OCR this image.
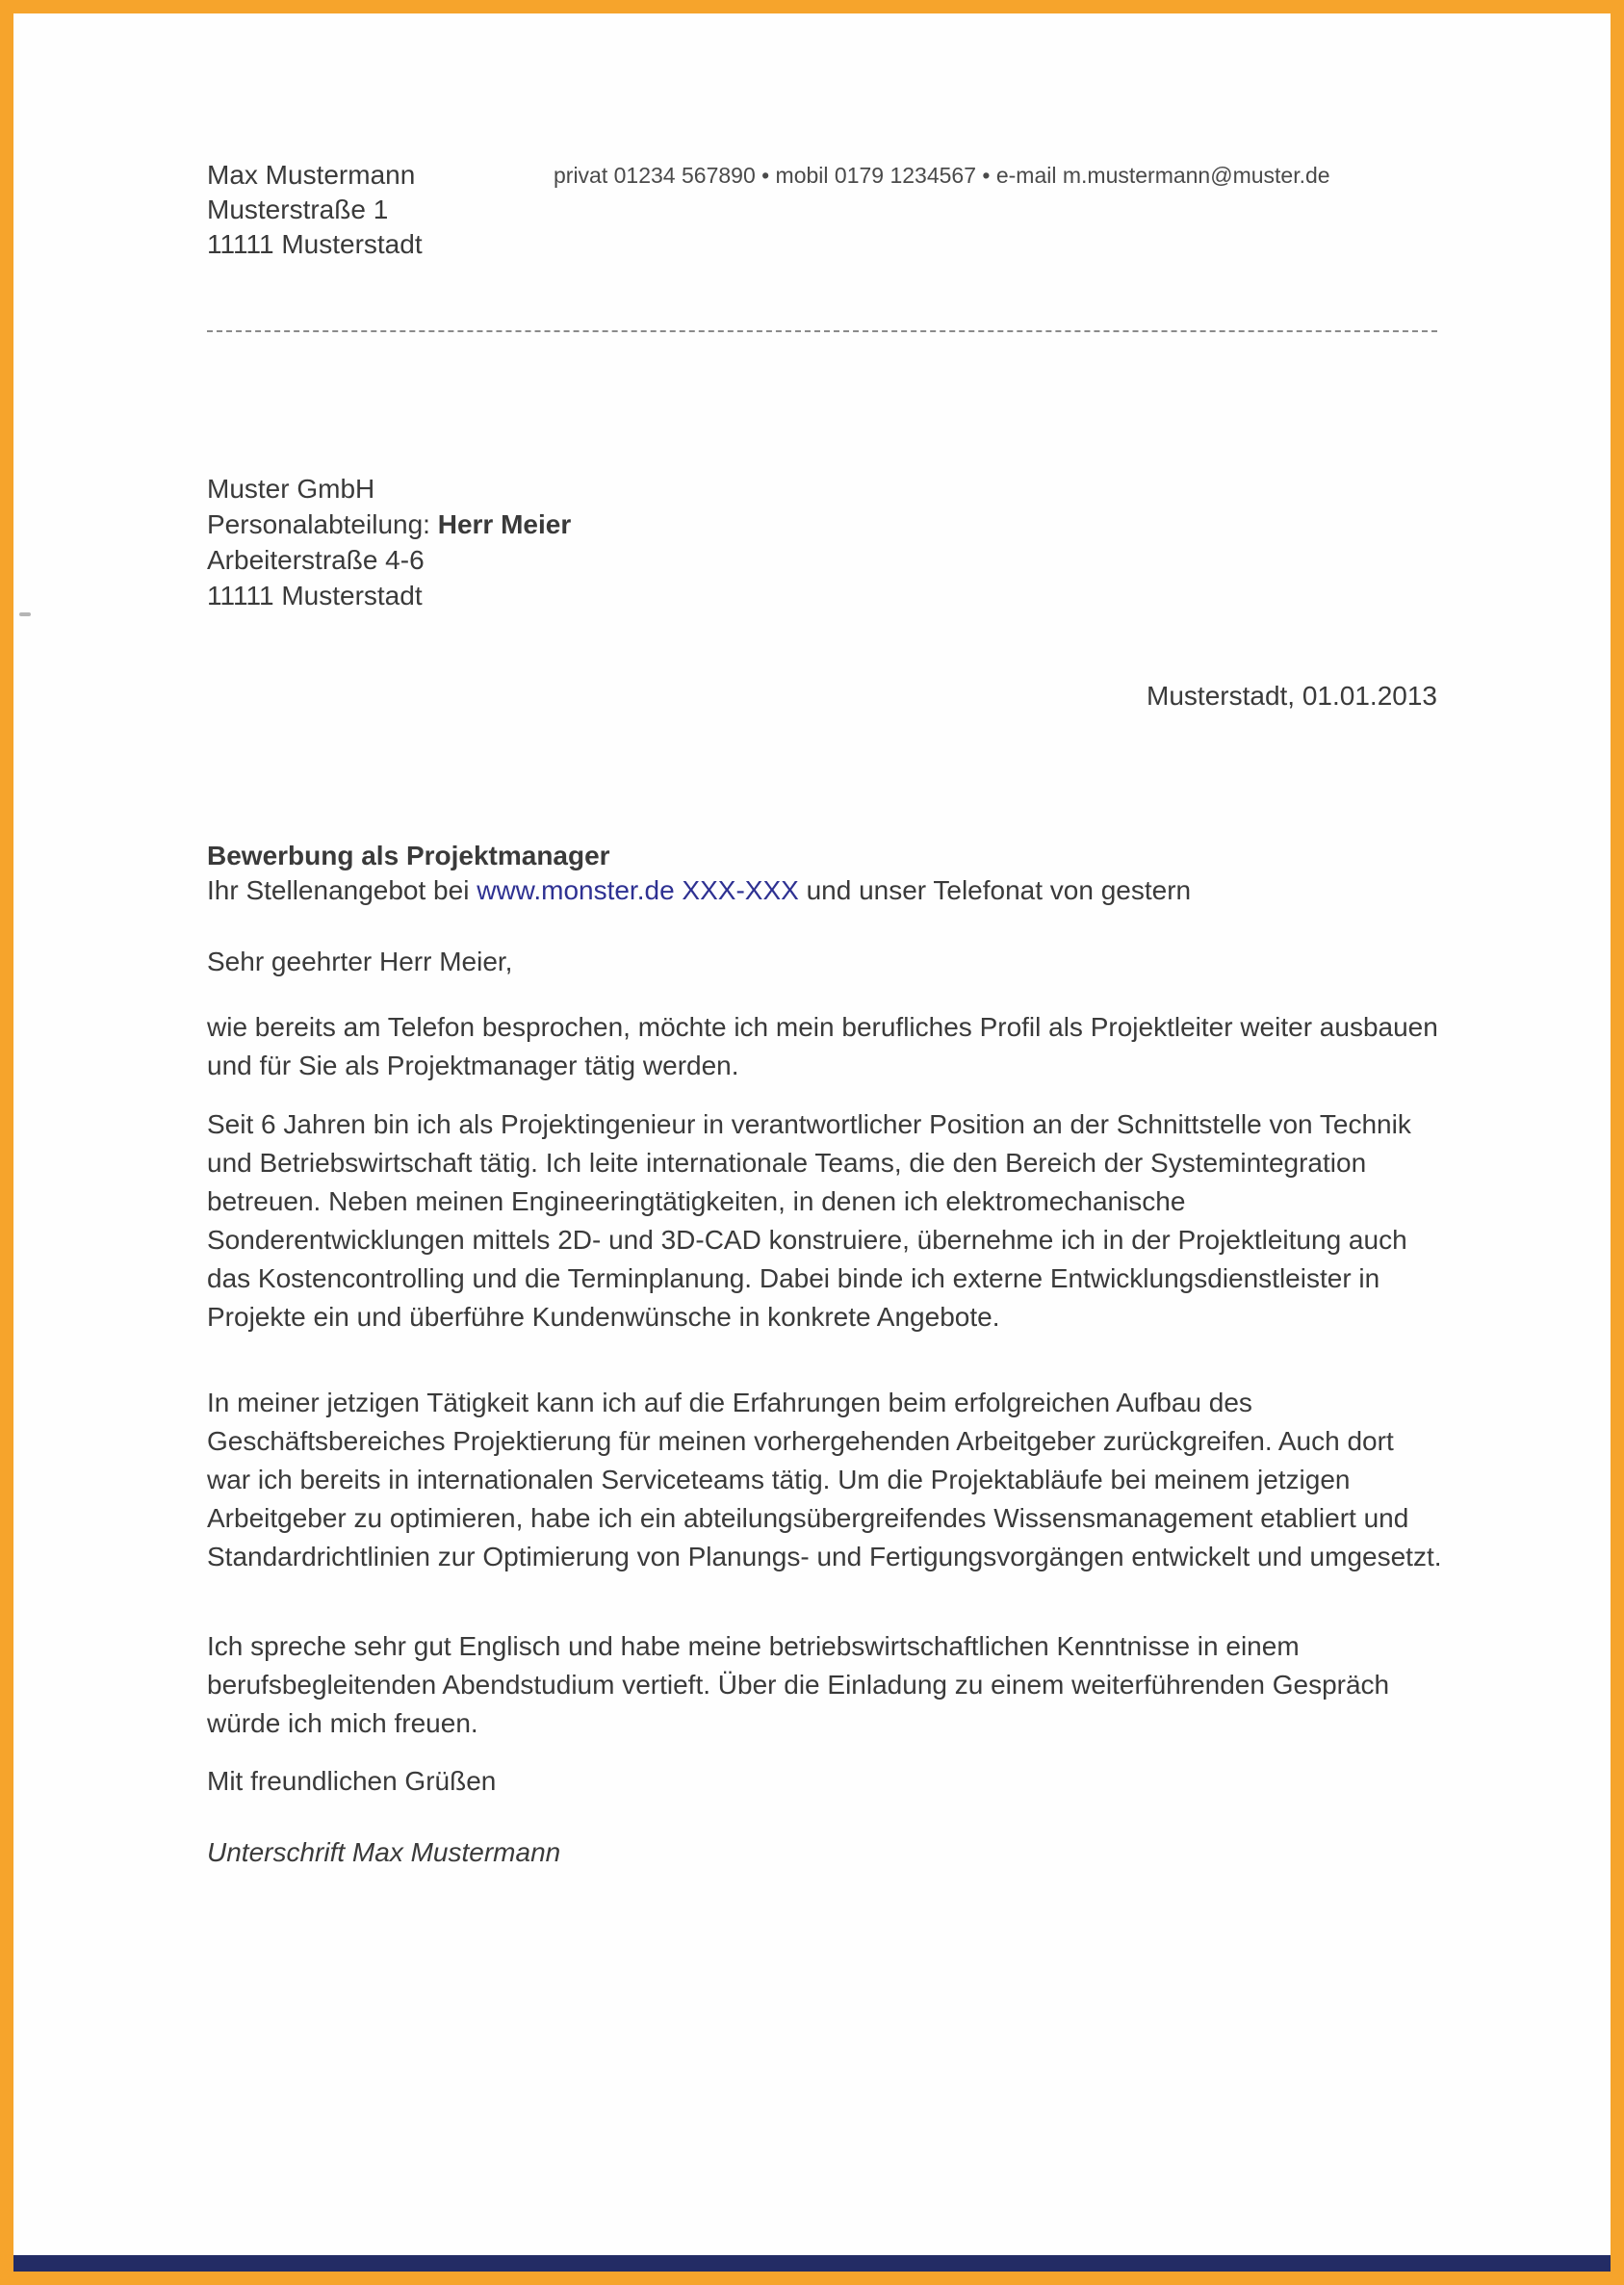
Max Mustermann
Musterstraße 1
11111 Musterstadt
privat 01234 567890 • mobil 0179 1234567 • e-mail m.mustermann@muster.de
Muster GmbH
Personalabteilung: Herr Meier
Arbeiterstraße 4-6
11111 Musterstadt
Musterstadt, 01.01.2013
Bewerbung als Projektmanager
Ihr Stellenangebot bei www.monster.de XXX-XXX und unser Telefonat von gestern
Sehr geehrter Herr Meier,
wie bereits am Telefon besprochen, möchte ich mein berufliches Profil als Projektleiter weiter ausbauen und für Sie als Projektmanager tätig werden.
Seit 6 Jahren bin ich als Projektingenieur in verantwortlicher Position an der Schnittstelle von Technik und Betriebswirtschaft tätig. Ich leite internationale Teams, die den Bereich der Systemintegration betreuen. Neben meinen Engineeringtätigkeiten, in denen ich elektromechanische Sonderentwicklungen mittels 2D- und 3D-CAD konstruiere, übernehme ich in der Projektleitung auch das Kostencontrolling und die Terminplanung. Dabei binde ich externe Entwicklungsdienstleister in Projekte ein und überführe Kundenwünsche in konkrete Angebote.
In meiner jetzigen Tätigkeit kann ich auf die Erfahrungen beim erfolgreichen Aufbau des Geschäftsbereiches Projektierung für meinen vorhergehenden Arbeitgeber zurückgreifen. Auch dort war ich bereits in internationalen Serviceteams tätig. Um die Projektabläufe bei meinem jetzigen Arbeitgeber zu optimieren, habe ich ein abteilungsübergreifendes Wissensmanagement etabliert und Standardrichtlinien zur Optimierung von Planungs- und Fertigungsvorgängen entwickelt und umgesetzt.
Ich spreche sehr gut Englisch und habe meine betriebswirtschaftlichen Kenntnisse in einem berufsbegleitenden Abendstudium vertieft. Über die Einladung zu einem weiterführenden Gespräch würde ich mich freuen.
Mit freundlichen Grüßen
Unterschrift Max Mustermann
